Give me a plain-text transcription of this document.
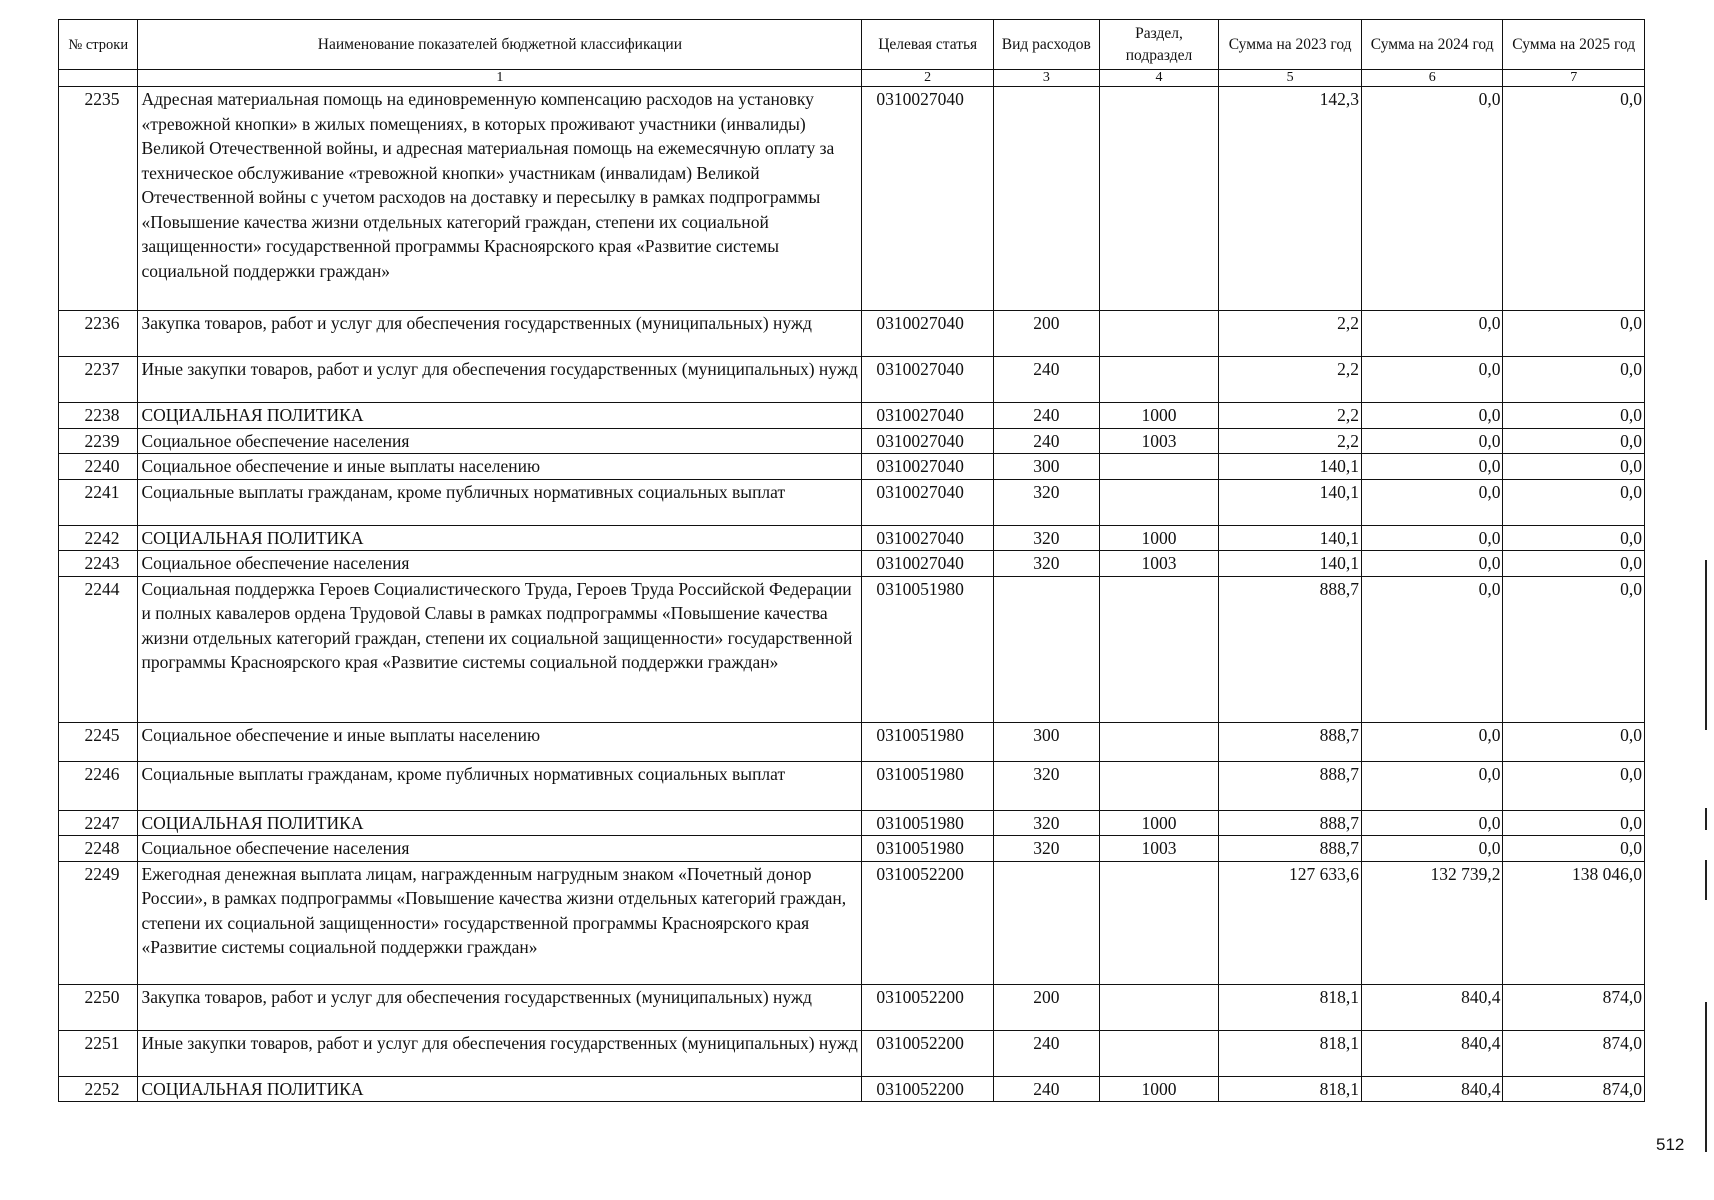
№ строки	Наименование показателей бюджетной классификации	Целевая статья	Вид расходов	Раздел, подраздел	Сумма на 2023 год	Сумма на 2024 год	Сумма на 2025 год
	1	2	3	4	5	6	7
2235	Адресная материальная помощь на единовременную компенсацию расходов на установку «тревожной кнопки» в жилых помещениях, в которых проживают участники (инвалиды) Великой Отечественной войны, и адресная материальная помощь на ежемесячную оплату за техническое обслуживание «тревожной кнопки» участникам (инвалидам) Великой Отечественной войны с учетом расходов на доставку и пересылку в рамках подпрограммы «Повышение качества жизни отдельных категорий граждан, степени их социальной защищенности» государственной программы Красноярского края «Развитие системы социальной поддержки граждан»	0310027040			142,3	0,0	0,0
2236	Закупка товаров, работ и услуг для обеспечения государственных (муниципальных) нужд	0310027040	200		2,2	0,0	0,0
2237	Иные закупки товаров, работ и услуг для обеспечения государственных (муниципальных) нужд	0310027040	240		2,2	0,0	0,0
2238	СОЦИАЛЬНАЯ ПОЛИТИКА	0310027040	240	1000	2,2	0,0	0,0
2239	Социальное обеспечение населения	0310027040	240	1003	2,2	0,0	0,0
2240	Социальное обеспечение и иные выплаты населению	0310027040	300		140,1	0,0	0,0
2241	Социальные выплаты гражданам, кроме публичных нормативных социальных выплат	0310027040	320		140,1	0,0	0,0
2242	СОЦИАЛЬНАЯ ПОЛИТИКА	0310027040	320	1000	140,1	0,0	0,0
2243	Социальное обеспечение населения	0310027040	320	1003	140,1	0,0	0,0
2244	Социальная поддержка Героев Социалистического Труда, Героев Труда Российской Федерации и полных кавалеров ордена Трудовой Славы в рамках подпрограммы «Повышение качества жизни отдельных категорий граждан, степени их социальной защищенности» государственной программы Красноярского края «Развитие системы социальной поддержки граждан»	0310051980			888,7	0,0	0,0
2245	Социальное обеспечение и иные выплаты населению	0310051980	300		888,7	0,0	0,0
2246	Социальные выплаты гражданам, кроме публичных нормативных социальных выплат	0310051980	320		888,7	0,0	0,0
2247	СОЦИАЛЬНАЯ ПОЛИТИКА	0310051980	320	1000	888,7	0,0	0,0
2248	Социальное обеспечение населения	0310051980	320	1003	888,7	0,0	0,0
2249	Ежегодная денежная выплата лицам, награжденным нагрудным знаком «Почетный донор России», в рамках подпрограммы «Повышение качества жизни отдельных категорий граждан, степени их социальной защищенности» государственной программы Красноярского края «Развитие системы социальной поддержки граждан»	0310052200			127 633,6	132 739,2	138 046,0
2250	Закупка товаров, работ и услуг для обеспечения государственных (муниципальных) нужд	0310052200	200		818,1	840,4	874,0
2251	Иные закупки товаров, работ и услуг для обеспечения государственных (муниципальных) нужд	0310052200	240		818,1	840,4	874,0
2252	СОЦИАЛЬНАЯ ПОЛИТИКА	0310052200	240	1000	818,1	840,4	874,0
512
